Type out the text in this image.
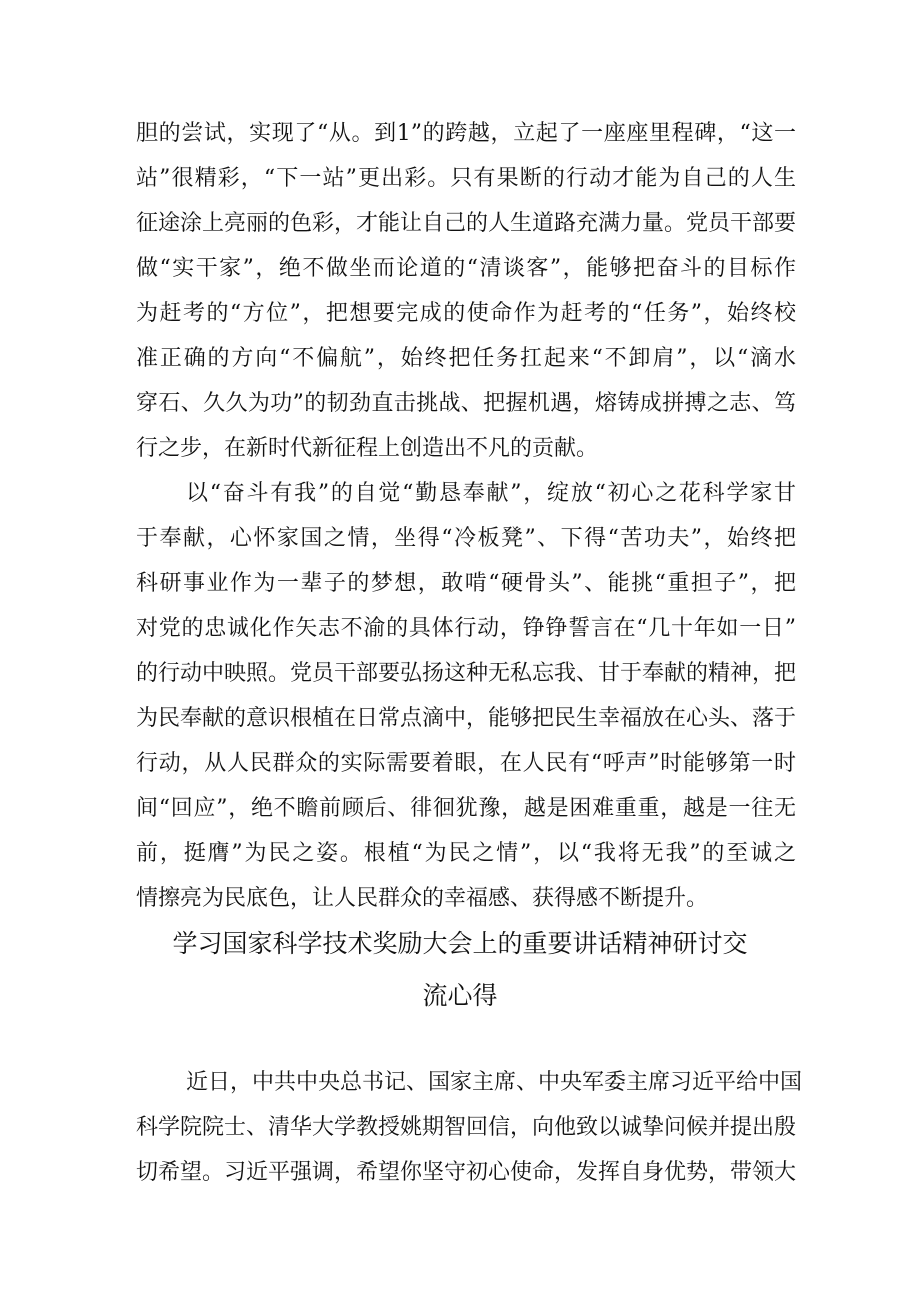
胆的尝试，实现了“从。到1”的跨越，立起了一座座里程碑，“这一
站”很精彩，“下一站”更出彩。只有果断的行动才能为自己的人生
征途涂上亮丽的色彩，才能让自己的人生道路充满力量。党员干部要
做“实干家”，绝不做坐而论道的“清谈客”，能够把奋斗的目标作
为赶考的“方位”，把想要完成的使命作为赶考的“任务”，始终校
准正确的方向“不偏航”，始终把任务扛起来“不卸肩”，以“滴水
穿石、久久为功”的韧劲直击挑战、把握机遇，熔铸成拼搏之志、笃
行之步，在新时代新征程上创造出不凡的贡献。
以“奋斗有我”的自觉“勤恳奉献”，绽放“初心之花科学家甘
于奉献，心怀家国之情，坐得“冷板凳”、下得“苦功夫”，始终把
科研事业作为一辈子的梦想，敢啃“硬骨头”、能挑“重担子”，把
对党的忠诚化作矢志不渝的具体行动，铮铮誓言在“几十年如一日”
的行动中映照。党员干部要弘扬这种无私忘我、甘于奉献的精神，把
为民奉献的意识根植在日常点滴中，能够把民生幸福放在心头、落于
行动，从人民群众的实际需要着眼，在人民有“呼声”时能够第一时
间“回应”，绝不瞻前顾后、徘徊犹豫，越是困难重重，越是一往无
前，挺膺”为民之姿。根植“为民之情”，以“我将无我”的至诚之
情擦亮为民底色，让人民群众的幸福感、获得感不断提升。
学习国家科学技术奖励大会上的重要讲话精神研讨交
流心得
近日，中共中央总书记、国家主席、中央军委主席习近平给中国
科学院院士、清华大学教授姚期智回信，向他致以诚挚问候并提出殷
切希望。习近平强调，希望你坚守初心使命，发挥自身优势，带领大
